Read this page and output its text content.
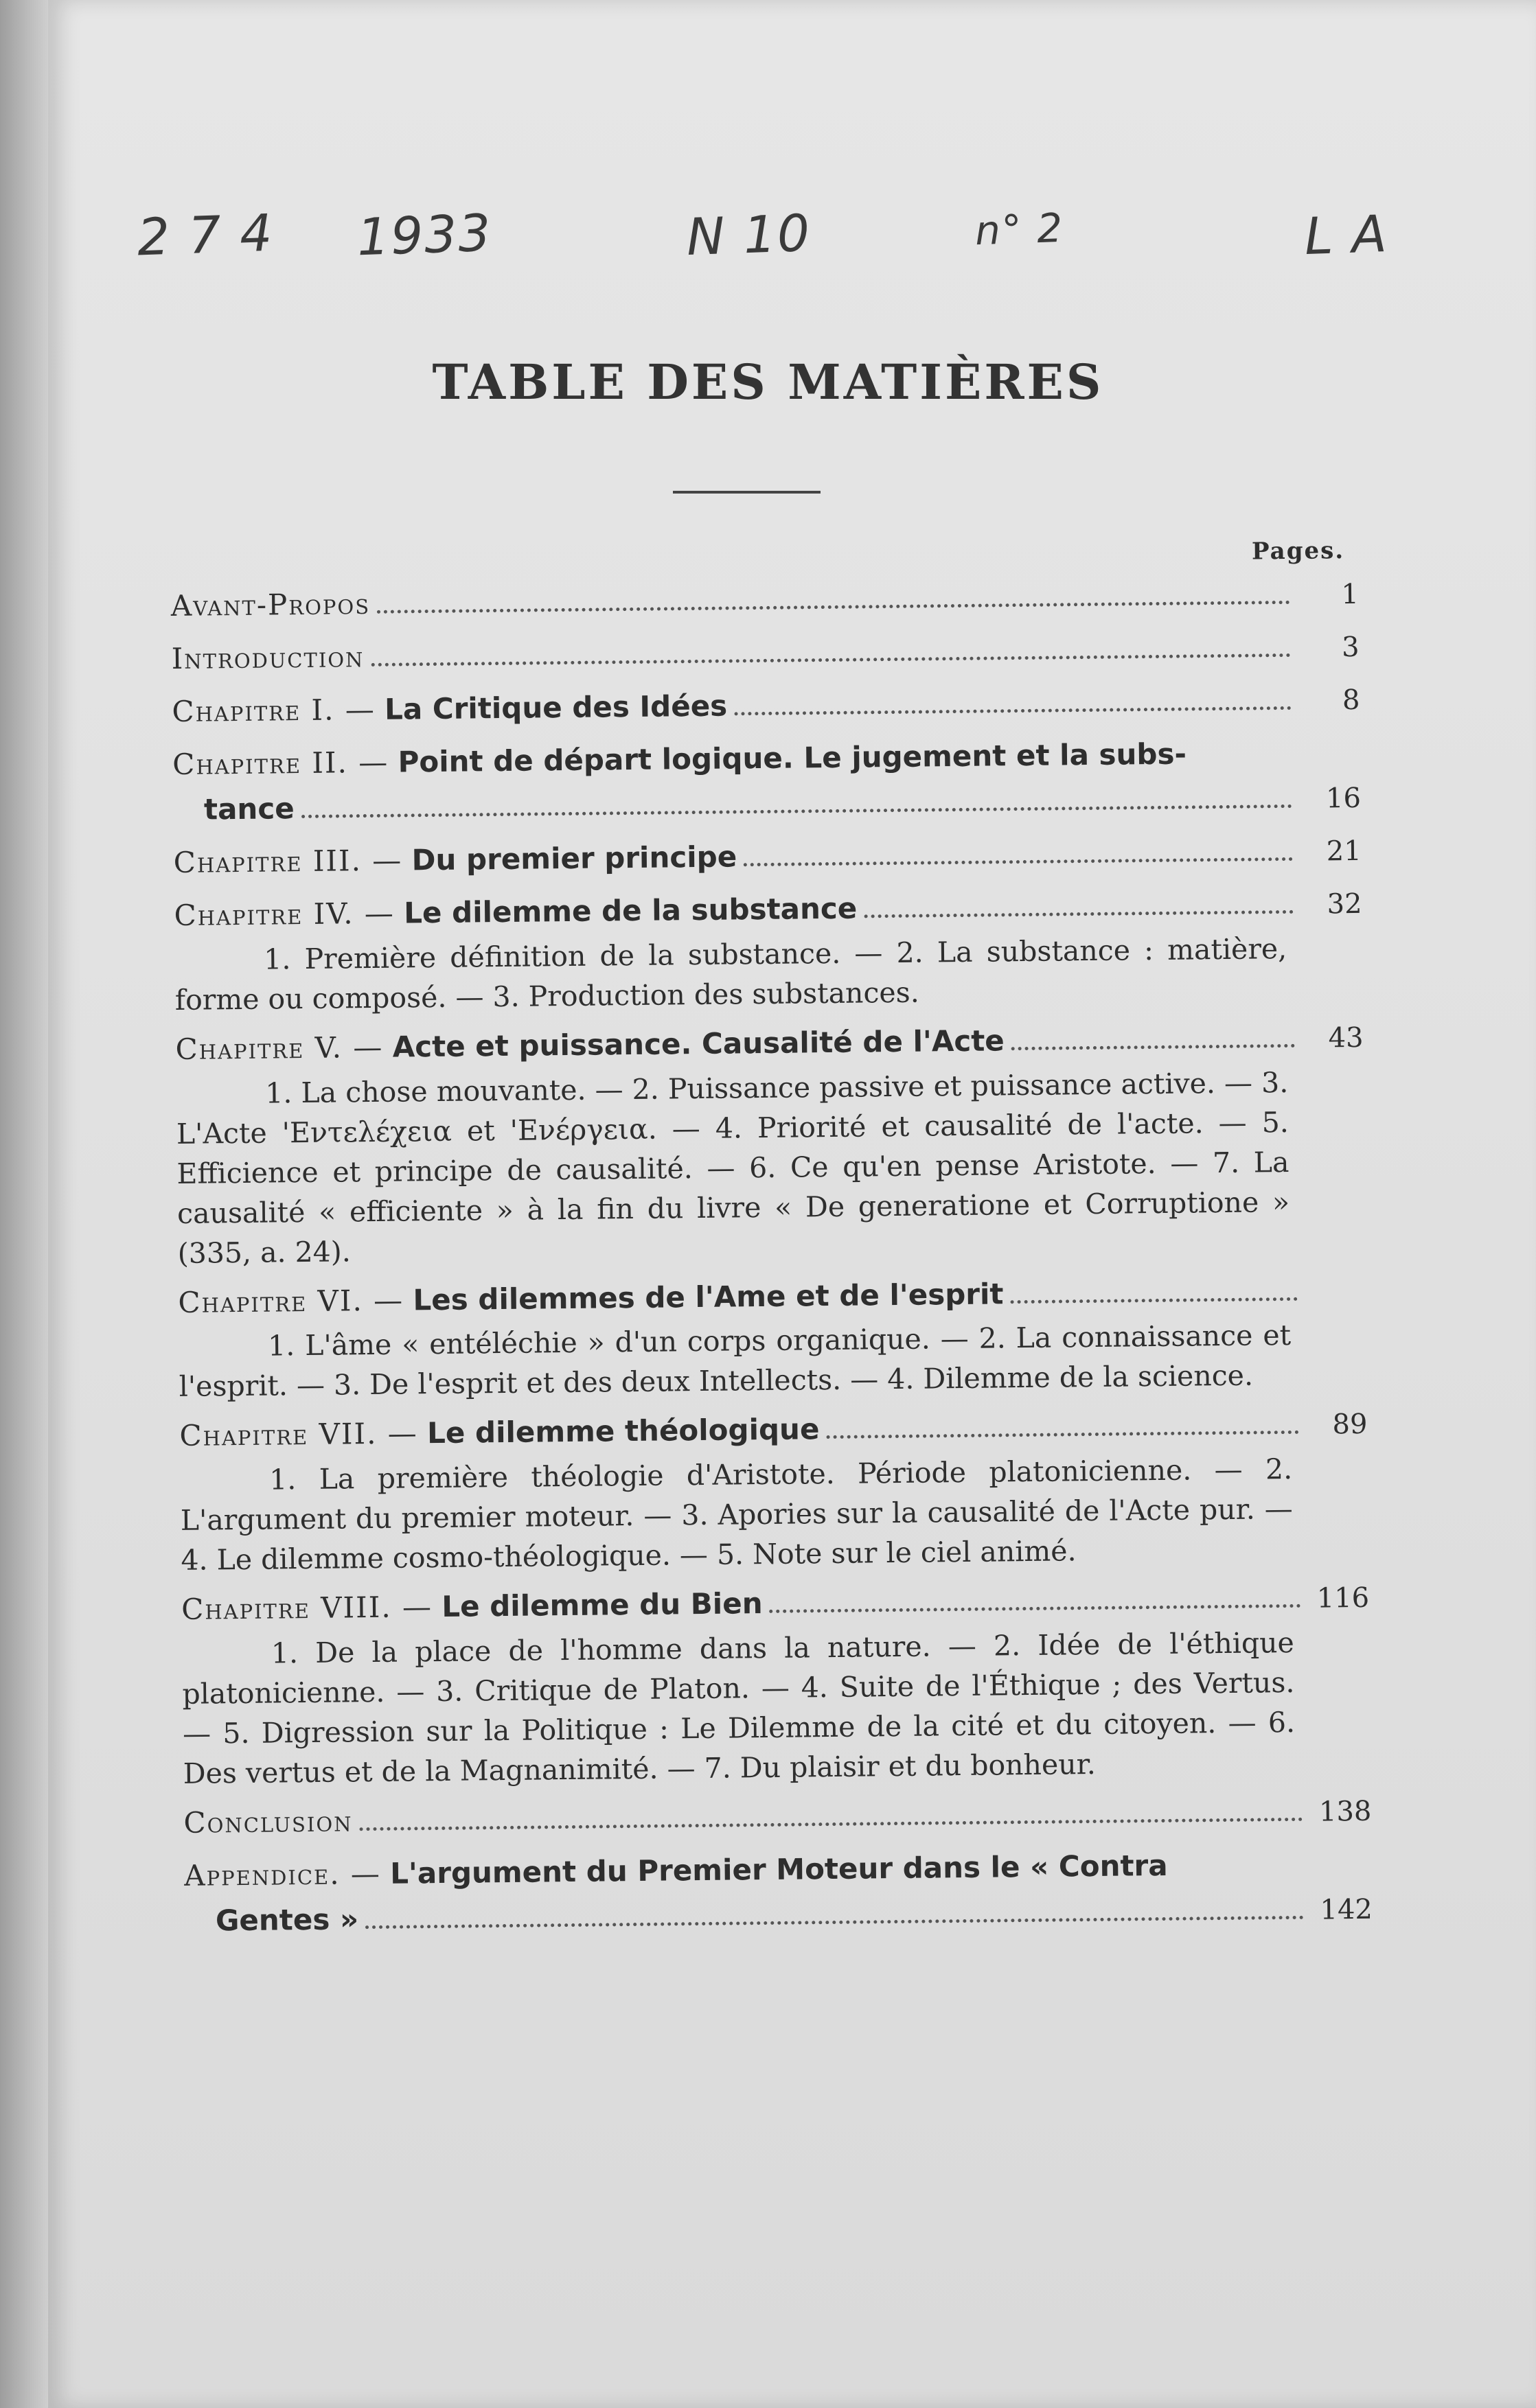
2 7 4 1933	N 10	n° 2	L A
TABLE DES MATIÈRES
Pages.
Avant-Propos	1
Introduction	3
Chapitre I. —
La Critique des Idées	8
Chapitre II. —
Point de départ logique. Le jugement et la subs-
tance	16
Chapitre III. —
Du premier principe	21
Chapitre IV. —
Le dilemme de la substance	32
1. Première définition de la substance. — 2. La substance : matière, forme ou composé. — 3. Production des substances.
Chapitre V. —
Acte et puissance. Causalité de l'Acte	43
1. La chose mouvante. — 2. Puissance passive et puissance active. — 3. L'Acte 'Εντελέχεια et 'Ενέργεια. — 4. Priorité et causalité de l'acte. — 5. Efficience et principe de causalité. — 6. Ce qu'en pense Aristote. — 7. La causalité « efficiente » à la fin du livre « De generatione et Corruptione » (335, a. 24).
Chapitre VI. —
Les dilemmes de l'Ame et de l'esprit
1. L'âme « entéléchie » d'un corps organique. — 2. La connaissance et l'esprit. — 3. De l'esprit et des deux Intellects. — 4. Dilemme de la science.
Chapitre VII. —
Le dilemme théologique	89
1. La première théologie d'Aristote. Période platonicienne. — 2. L'argument du premier moteur. — 3. Apories sur la causalité de l'Acte pur. — 4. Le dilemme cosmo-théologique. — 5. Note sur le ciel animé.
Chapitre VIII. —
Le dilemme du Bien	116
1. De la place de l'homme dans la nature. — 2. Idée de l'éthique platonicienne. — 3. Critique de Platon. — 4. Suite de l'Éthique ; des Vertus. — 5. Digression sur la Politique : Le Dilemme de la cité et du citoyen. — 6. Des vertus et de la Magnanimité. — 7. Du plaisir et du bonheur.
Conclusion	138
Appendice. —
L'argument du Premier Moteur dans le « Contra
Gentes »	142
